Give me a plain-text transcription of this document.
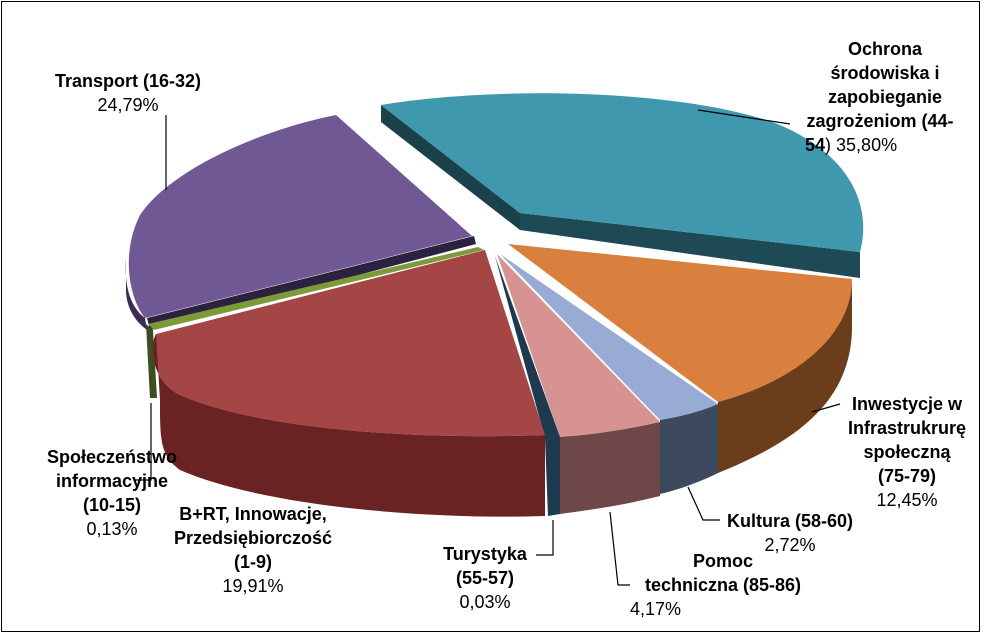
Ochrona
środowiska i
zapobieganie
zagrożeniom (44-
54) 35,80%
Transport (16-32)
24,79%
Inwestycje w
Infrastrukrurę
społeczną
(75-79)
12,45%
Kultura (58-60)
2,72%
Pomoc
techniczna (85-86)
4,17%
Turystyka
(55-57)
0,03%
B+RT, Innowacje,
Przedsiębiorczość
(1-9)
19,91%
Społeczeństwo
informacyjne
(10-15)
0,13%
